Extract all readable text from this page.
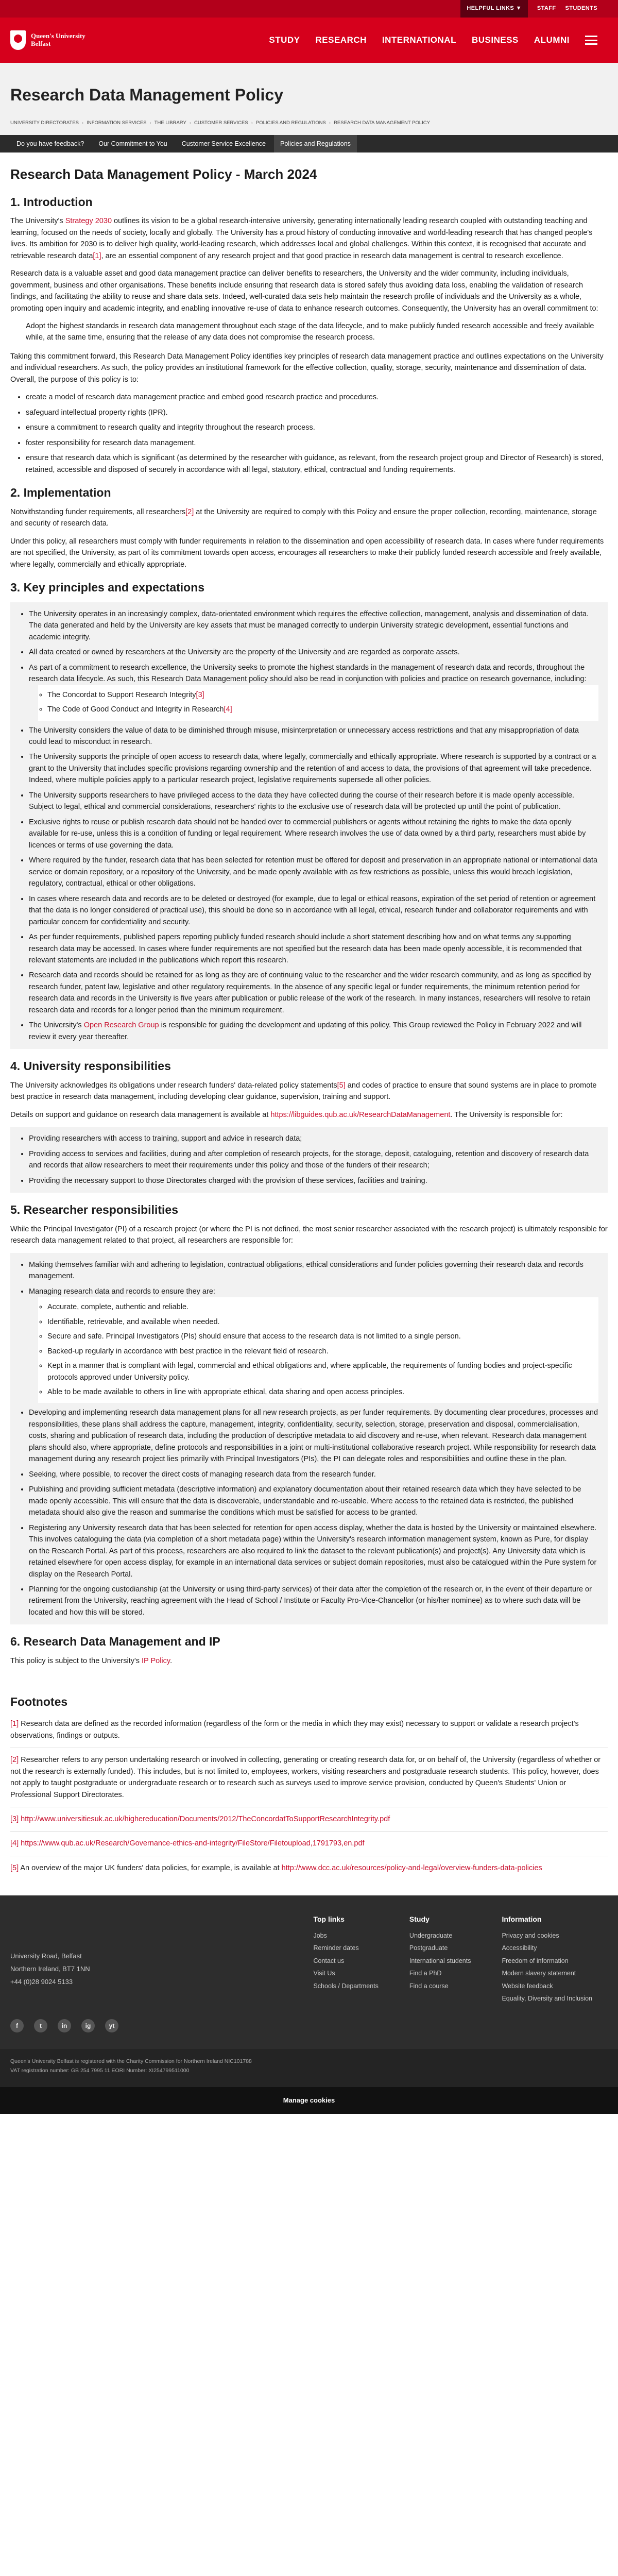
HELPFUL LINKS ▼	STAFF STUDENTS
Queen's University
Belfast	STUDY RESEARCH INTERNATIONAL BUSINESS ALUMNI
Research Data Management Policy
UNIVERSITY DIRECTORATES › INFORMATION SERVICES › THE LIBRARY › CUSTOMER SERVICES › POLICIES AND REGULATIONS › RESEARCH DATA MANAGEMENT POLICY
Do you have feedback?	Our Commitment to You	Customer Service Excellence	Policies and Regulations
Research Data Management Policy - March 2024
1. Introduction

The University's Strategy 2030 outlines its vision to be a global research-intensive university, generating internationally leading research coupled with outstanding teaching and learning, focused on the needs of society, locally and globally. The University has a proud history of conducting innovative and world-leading research that has changed people's lives. Its ambition for 2030 is to deliver high quality, world-leading research, which addresses local and global challenges. Within this context, it is recognised that accurate and retrievable research data[1], are an essential component of any research project and that good practice in research data management is central to research excellence.

Research data is a valuable asset and good data management practice can deliver benefits to researchers, the University and the wider community, including individuals, government, business and other organisations. These benefits include ensuring that research data is stored safely thus avoiding data loss, enabling the validation of research findings, and facilitating the ability to reuse and share data sets. Indeed, well-curated data sets help maintain the research profile of individuals and the University as a whole, promoting open inquiry and academic integrity, and enabling innovative re-use of data to enhance research outcomes. Consequently, the University has an overall commitment to:

Adopt the highest standards in research data management throughout each stage of the data lifecycle, and to make publicly funded research accessible and freely available while, at the same time, ensuring that the release of any data does not compromise the research process.

Taking this commitment forward, this Research Data Management Policy identifies key principles of research data management practice and outlines expectations on the University and individual researchers. As such, the policy provides an institutional framework for the effective collection, quality, storage, security, maintenance and dissemination of data. Overall, the purpose of this policy is to:

• create a model of research data management practice and embed good research practice and procedures.
• safeguard intellectual property rights (IPR).
• ensure a commitment to research quality and integrity throughout the research process.
• foster responsibility for research data management.
• ensure that research data which is significant (as determined by the researcher with guidance, as relevant, from the research project group and Director of Research) is stored, retained, accessible and disposed of securely in accordance with all legal, statutory, ethical, contractual and funding requirements.
2. Implementation

Notwithstanding funder requirements, all researchers[2] at the University are required to comply with this Policy and ensure the proper collection, recording, maintenance, storage and security of research data.

Under this policy, all researchers must comply with funder requirements in relation to the dissemination and open accessibility of research data. In cases where funder requirements are not specified, the University, as part of its commitment towards open access, encourages all researchers to make their publicly funded research accessible and freely available, where legally, commercially and ethically appropriate.

3. Key principles and expectations
• The University operates in an increasingly complex, data-orientated environment which requires the effective collection, management, analysis and dissemination of data. The data generated and held by the University are key assets that must be managed correctly to underpin University strategic development, essential functions and academic integrity.
• All data created or owned by researchers at the University are the property of the University and are regarded as corporate assets.
• As part of a commitment to research excellence, the University seeks to promote the highest standards in the management of research data and records, throughout the research data lifecycle. As such, this Research Data Management policy should also be read in conjunction with policies and practice on research governance, including:
◦ The Concordat to Support Research Integrity[3]
◦ The Code of Good Conduct and Integrity in Research[4]
• The University considers the value of data to be diminished through misuse, misinterpretation or unnecessary access restrictions and that any misappropriation of data could lead to misconduct in research.
• The University supports the principle of open access to research data, where legally, commercially and ethically appropriate. Where research is supported by a contract or a grant to the University that includes specific provisions regarding ownership and the retention of and access to data, the provisions of that agreement will take precedence. Indeed, where multiple policies apply to a particular research project, legislative requirements supersede all other policies.
• The University supports researchers to have privileged access to the data they have collected during the course of their research before it is made openly accessible. Subject to legal, ethical and commercial considerations, researchers' rights to the exclusive use of research data will be protected up until the point of publication.
• Exclusive rights to reuse or publish research data should not be handed over to commercial publishers or agents without retaining the rights to make the data openly available for re-use, unless this is a condition of funding or legal requirement. Where research involves the use of data owned by a third party, researchers must abide by licences or terms of use governing the data.
• Where required by the funder, research data that has been selected for retention must be offered for deposit and preservation in an appropriate national or international data service or domain repository, or a repository of the University, and be made openly available with as few restrictions as possible, unless this would breach legislation, regulatory, contractual, ethical or other obligations.
• In cases where research data and records are to be deleted or destroyed (for example, due to legal or ethical reasons, expiration of the set period of retention or agreement that the data is no longer considered of practical use), this should be done so in accordance with all legal, ethical, research funder and collaborator requirements and with particular concern for confidentiality and security.
• As per funder requirements, published papers reporting publicly funded research should include a short statement describing how and on what terms any supporting research data may be accessed. In cases where funder requirements are not specified but the research data has been made openly accessible, it is recommended that relevant statements are included in the publications which report this research.
• Research data and records should be retained for as long as they are of continuing value to the researcher and the wider research community, and as long as specified by research funder, patent law, legislative and other regulatory requirements. In the absence of any specific legal or funder requirements, the minimum retention period for research data and records in the University is five years after publication or public release of the work of the research. In many instances, researchers will resolve to retain research data and records for a longer period than the minimum requirement.
• The University's Open Research Group is responsible for guiding the development and updating of this policy. This Group reviewed the Policy in February 2022 and will review it every year thereafter.
4. University responsibilities

The University acknowledges its obligations under research funders' data-related policy statements[5] and codes of practice to ensure that sound systems are in place to promote best practice in research data management, including developing clear guidance, supervision, training and support.

Details on support and guidance on research data management is available at https://libguides.qub.ac.uk/ResearchDataManagement. The University is responsible for:

• Providing researchers with access to training, support and advice in research data;
• Providing access to services and facilities, during and after completion of research projects, for the storage, deposit, cataloguing, retention and discovery of research data and records that allow researchers to meet their requirements under this policy and those of the funders of their research;
• Providing the necessary support to those Directorates charged with the provision of these services, facilities and training.
5. Researcher responsibilities

While the Principal Investigator (PI) of a research project (or where the PI is not defined, the most senior researcher associated with the research project) is ultimately responsible for research data management related to that project, all researchers are responsible for:

• Making themselves familiar with and adhering to legislation, contractual obligations, ethical considerations and funder policies governing their research data and records management.
• Managing research data and records to ensure they are:
◦ Accurate, complete, authentic and reliable.
◦ Identifiable, retrievable, and available when needed.
◦ Secure and safe. Principal Investigators (PIs) should ensure that access to the research data is not limited to a single person.
◦ Backed-up regularly in accordance with best practice in the relevant field of research.
◦ Kept in a manner that is compliant with legal, commercial and ethical obligations and, where applicable, the requirements of funding bodies and project-specific protocols approved under University policy.
◦ Able to be made available to others in line with appropriate ethical, data sharing and open access principles.
• Developing and implementing research data management plans for all new research projects, as per funder requirements. By documenting clear procedures, processes and responsibilities, these plans shall address the capture, management, integrity, confidentiality, security, selection, storage, preservation and disposal, commercialisation, costs, sharing and publication of research data, including the production of descriptive metadata to aid discovery and re-use, when relevant. Research data management plans should also, where appropriate, define protocols and responsibilities in a joint or multi-institutional collaborative research project. While responsibility for research data management during any research project lies primarily with Principal Investigators (PIs), the PI can delegate roles and responsibilities and outline these in the plan.
• Seeking, where possible, to recover the direct costs of managing research data from the research funder.
• Publishing and providing sufficient metadata (descriptive information) and explanatory documentation about their retained research data which they have selected to be made openly accessible. This will ensure that the data is discoverable, understandable and re-useable. Where access to the retained data is restricted, the published metadata should also give the reason and summarise the conditions which must be satisfied for access to be granted.
• Registering any University research data that has been selected for retention for open access display, whether the data is hosted by the University or maintained elsewhere. This involves cataloguing the data (via completion of a short metadata page) within the University's research information management system, known as Pure, for display on the Research Portal. As part of this process, researchers are also required to link the dataset to the relevant publication(s) and project(s). Any University data which is retained elsewhere for open access display, for example in an international data services or subject domain repositories, must also be catalogued within the Pure system for display on the Research Portal.
• Planning for the ongoing custodianship (at the University or using third-party services) of their data after the completion of the research or, in the event of their departure or retirement from the University, reaching agreement with the Head of School / Institute or Faculty Pro-Vice-Chancellor (or his/her nominee) as to where such data will be located and how this will be stored.
6. Research Data Management and IP

This policy is subject to the University's IP Policy.

Footnotes

[1] Research data are defined as the recorded information (regardless of the form or the media in which they may exist) necessary to support or validate a research project's observations, findings or outputs.

[2] Researcher refers to any person undertaking research or involved in collecting, generating or creating research data for, or on behalf of, the University (regardless of whether or not the research is externally funded). This includes, but is not limited to, employees, workers, visiting researchers and postgraduate research students. This policy, however, does not apply to taught postgraduate or undergraduate research or to research such as surveys used to improve service provision, conducted by Queen's Students' Union or Professional Support Directorates.

[3] http://www.universitiesuk.ac.uk/highereducation/Documents/2012/TheConcordatToSupportResearchIntegrity.pdf

[4] https://www.qub.ac.uk/Research/Governance-ethics-and-integrity/FileStore/Filetoupload,1791793,en.pdf

[5] An overview of the major UK funders' data policies, for example, is available at http://www.dcc.ac.uk/resources/policy-and-legal/overview-funders-data-policies

University Road, Belfast
Northern Ireland, BT7 1NN
+44 (0)28 9024 5133
Top links
Jobs
Reminder dates
Contact us
Visit Us
Schools / Departments
Study
Undergraduate
Postgraduate
International students
Find a PhD
Find a course
Information
Privacy and cookies
Accessibility
Freedom of information
Modern slavery statement
Website feedback
Equality, Diversity and Inclusion
f	t	in	ig	yt
Queen's University Belfast is registered with the Charity Commission for Northern Ireland NIC101788
VAT registration number: GB 254 7995 11 EORI Number: XI254799511000
Manage cookies
